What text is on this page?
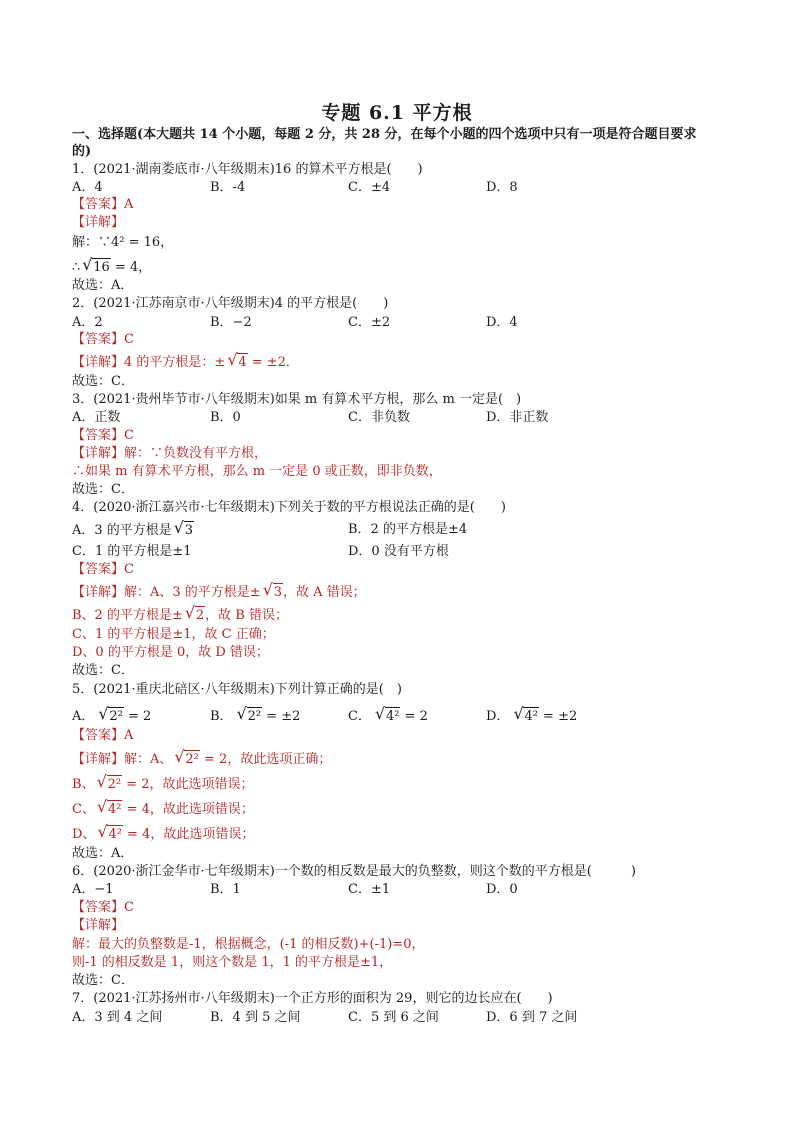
专题 6.1 平方根
一、选择题(本大题共 14 个小题，每题 2 分，共 28 分，在每个小题的四个选项中只有一项是符合题目要求
的)
1．(2021·湖南娄底市·八年级期末)16 的算术平方根是(　　)
A．4	B．-4	C．±4	D．8
【答案】A
【详解】
解：∵4² = 16，
∴ √ 16 = 4，
故选：A．
2．(2021·江苏南京市·八年级期末)4 的平方根是(　　)
A．2	B．−2	C．±2	D．4
【答案】C
【详解】4 的平方根是：± √ 4 = ±2．
故选：C．
3．(2021·贵州毕节市·八年级期末)如果 m 有算术平方根，那么 m 一定是(　)
A．正数	B．0	C．非负数	D．非正数
【答案】C
【详解】解：∵负数没有平方根，
∴如果 m 有算术平方根，那么 m 一定是 0 或正数，即非负数，
故选：C．
4．(2020·浙江嘉兴市·七年级期末)下列关于数的平方根说法正确的是(　　)
A．3 的平方根是 √ 3	B．2 的平方根是±4
C．1 的平方根是±1	D．0 没有平方根
【答案】C
【详解】解：A、3 的平方根是± √ 3，故 A 错误；
B、2 的平方根是± √ 2，故 B 错误；
C、1 的平方根是±1，故 C 正确；
D、0 的平方根是 0，故 D 错误；
故选：C．
5．(2021·重庆北碚区·八年级期末)下列计算正确的是(　)
A． √ 2² = 2	B． √ 2² = ±2	C． √ 4² = 2	D． √ 4² = ±2
【答案】A
【详解】解：A、 √ 2² = 2，故此选项正确；
B、 √ 2² = 2，故此选项错误；
C、 √ 4² = 4，故此选项错误；
D、 √ 4² = 4，故此选项错误；
故选：A．
6．(2020·浙江金华市·七年级期末)一个数的相反数是最大的负整数，则这个数的平方根是(　　　)
A．−1	B．1	C．±1	D．0
【答案】C
【详解】
解：最大的负整数是-1，根据概念，(-1 的相反数)+(-1)=0，
则-1 的相反数是 1，则这个数是 1，1 的平方根是±1，
故选：C．
7．(2021·江苏扬州市·八年级期末)一个正方形的面积为 29，则它的边长应在(　　)
A．3 到 4 之间	B．4 到 5 之间	C．5 到 6 之间	D．6 到 7 之间
